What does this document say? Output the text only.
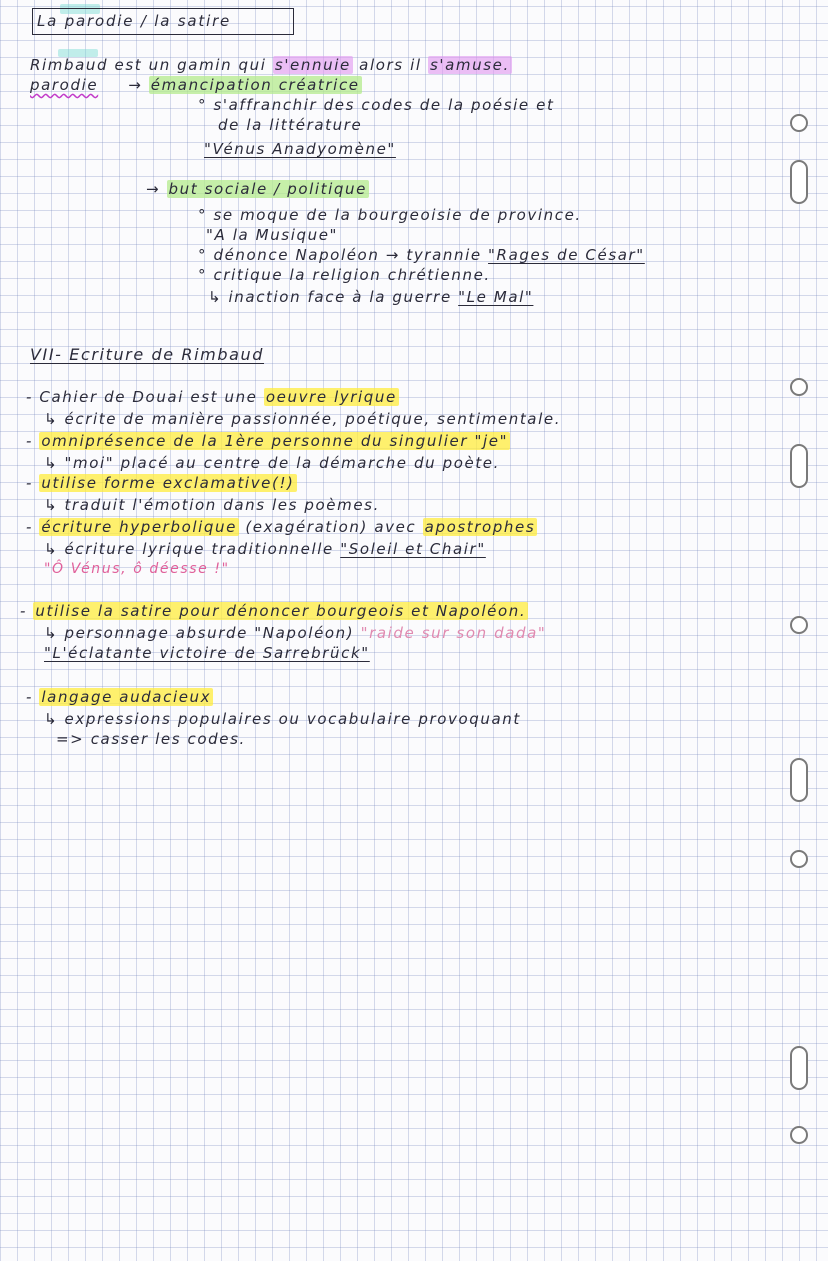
La parodie / la satire
Rimbaud est un gamin qui s'ennuie alors il s'amuse.
parodie → émancipation créatrice
° s'affranchir des codes de la poésie et
de la littérature
"Vénus Anadyomène"
→ but sociale / politique
° se moque de la bourgeoisie de province.
"A la Musique"
° dénonce Napoléon → tyrannie "Rages de César"
° critique la religion chrétienne.
↳ inaction face à la guerre "Le Mal"
VII- Ecriture de Rimbaud
- Cahier de Douai est une oeuvre lyrique
↳ écrite de manière passionnée, poétique, sentimentale.
- omniprésence de la 1ère personne du singulier "je"
↳ "moi" placé au centre de la démarche du poète.
- utilise forme exclamative(!)
↳ traduit l'émotion dans les poèmes.
- écriture hyperbolique (exagération) avec apostrophes
↳ écriture lyrique traditionnelle "Soleil et Chair"
"Ô Vénus, ô déesse !"
- utilise la satire pour dénoncer bourgeois et Napoléon.
↳ personnage absurde "Napoléon) "raide sur son dada"
"L'éclatante victoire de Sarrebrück"
- langage audacieux
↳ expressions populaires ou vocabulaire provoquant
=> casser les codes.
